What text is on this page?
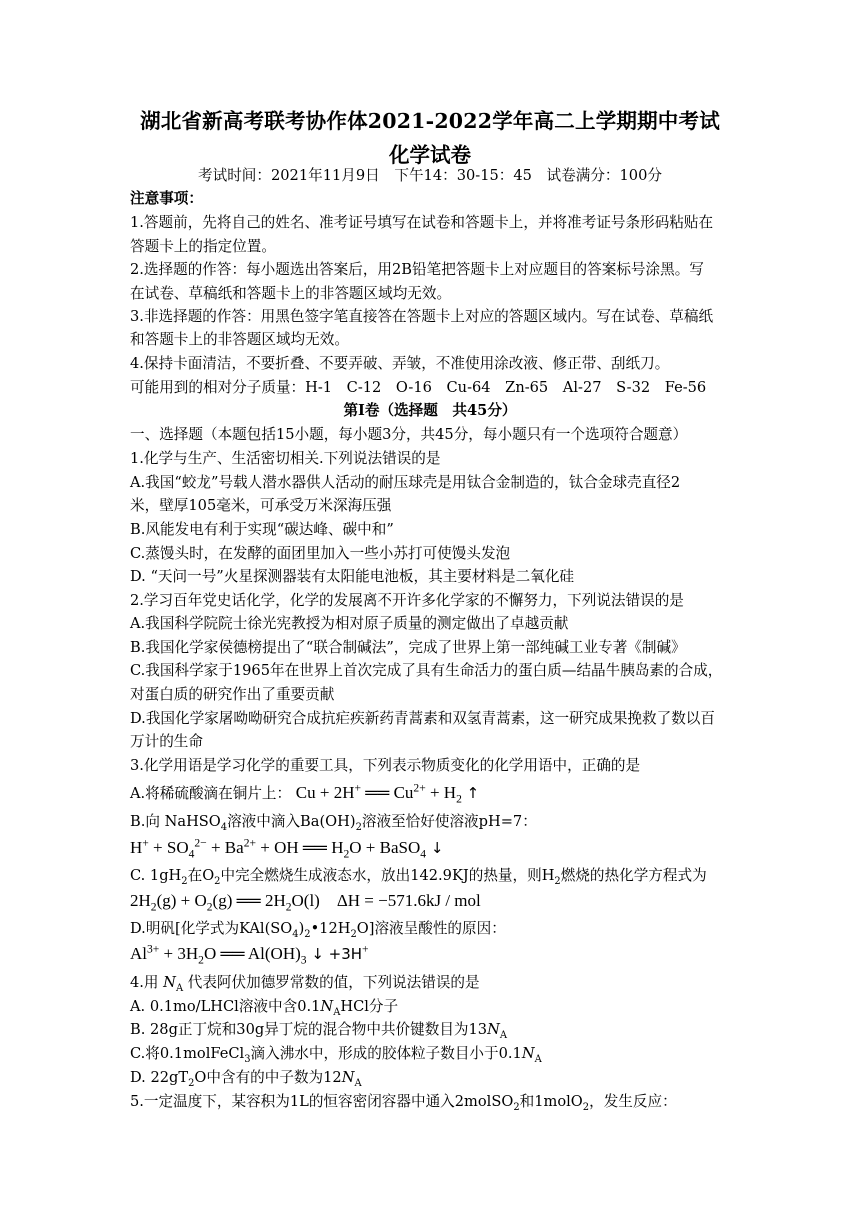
湖北省新高考联考协作体2021-2022学年高二上学期期中考试
化学试卷
考试时间：2021年11月9日　下午14：30-15：45　试卷满分：100分
注意事项：
1.答题前，先将自己的姓名、准考证号填写在试卷和答题卡上，并将准考证号条形码粘贴在
答题卡上的指定位置。
2.选择题的作答：每小题选出答案后，用2B铅笔把答题卡上对应题目的答案标号涂黑。写
在试卷、草稿纸和答题卡上的非答题区域均无效。
3.非选择题的作答：用黑色签字笔直接答在答题卡上对应的答题区域内。写在试卷、草稿纸
和答题卡上的非答题区域均无效。
4.保持卡面清洁，不要折叠、不要弄破、弄皱，不准使用涂改液、修正带、刮纸刀。
可能用到的相对分子质量：H-1　C-12　O-16　Cu-64　Zn-65　Al-27　S-32　Fe-56
第Ⅰ卷（选择题　共45分）
一、选择题（本题包括15小题，每小题3分，共45分，每小题只有一个选项符合题意）
1.化学与生产、生活密切相关.下列说法错误的是
A.我国“蛟龙”号载人潜水器供人活动的耐压球壳是用钛合金制造的，钛合金球壳直径2
米，壁厚105毫米，可承受万米深海压强
B.风能发电有利于实现“碳达峰、碳中和”
C.蒸馒头时，在发酵的面团里加入一些小苏打可使馒头发泡
D. “天问一号”火星探测器装有太阳能电池板，其主要材料是二氧化硅
2.学习百年党史话化学，化学的发展离不开许多化学家的不懈努力，下列说法错误的是
A.我国科学院院士徐光宪教授为相对原子质量的测定做出了卓越贡献
B.我国化学家侯德榜提出了“联合制碱法”，完成了世界上第一部纯碱工业专著《制碱》
C.我国科学家于1965年在世界上首次完成了具有生命活力的蛋白质—结晶牛胰岛素的合成，
对蛋白质的研究作出了重要贡献
D.我国化学家屠呦呦研究合成抗疟疾新药青蒿素和双氢青蒿素，这一研究成果挽救了数以百
万计的生命
3.化学用语是学习化学的重要工具，下列表示物质变化的化学用语中，正确的是
A.将稀硫酸滴在铜片上： Cu + 2H+ ══ $Cu^{2+} + H_2$ ↑
B.向 NaHSO$_4$溶液中滴入$Ba(OH)_2$溶液至恰好使溶液pH=7：
$H^+ + SO_4^{2-} + Ba^{2+}$ + OH ══ $H_2O$ + BaSO$_4$ ↓
C. $1gH_2$在$O_2$中完全燃烧生成液态水，放出142.9KJ的热量，则$H_2$燃烧的热化学方程式为
$2H_2(g) + O_2(g)$ ══ $2H_2O(l)$　ΔH = −571.6kJ / mol
D.明矾[化学式为$KAl(SO_4)_2•12H_2O$]溶液呈酸性的原因：
$Al^{3+} + 3H_2O$ ══ $Al(OH)_3$ ↓ +3H+
4.用 $N_A$ 代表阿伏加德罗常数的值，下列说法错误的是
A. 0.1mo/LHCl溶液中含$0.1N_AHCl$分子
B. 28g正丁烷和30g异丁烷的混合物中共价键数目为$13N_A$
C.将0.1molFeCl$_3$滴入沸水中，形成的胶体粒子数目小于$0.1N_A$
D. $22gT_2O$中含有的中子数为$12N_A$
5.一定温度下，某容积为1L的恒容密闭容器中通入2molSO$_2$和1molO$_2$，发生反应：
